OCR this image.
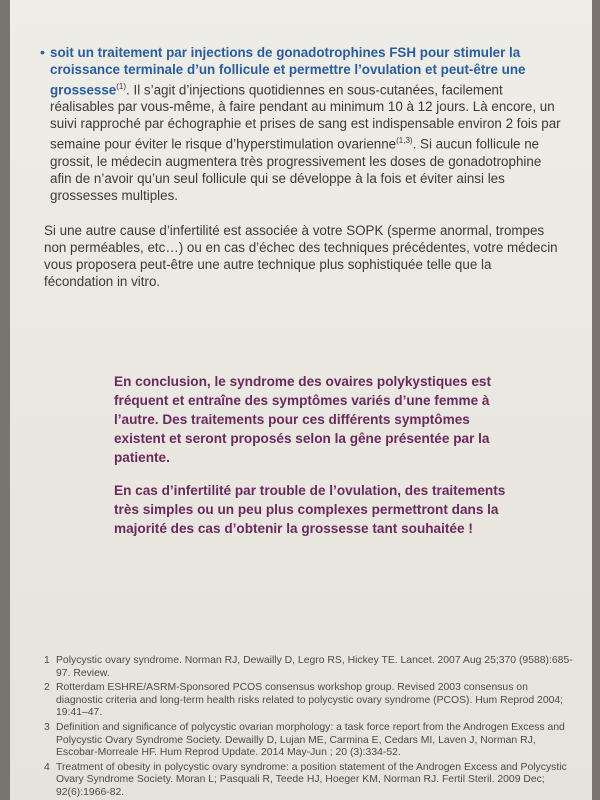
• soit un traitement par injections de gonadotrophines FSH pour stimuler la croissance terminale d’un follicule et permettre l’ovulation et peut-être une grossesse$^{(1)}$. Il s’agit d’injections quotidiennes en sous-cutanées, facilement réalisables par vous-même, à faire pendant au minimum 10 à 12 jours. Là encore, un suivi rapproché par échographie et prises de sang est indispensable environ 2 fois par semaine pour éviter le risque d’hyperstimulation ovarienne$^{(1,3)}$. Si aucun follicule ne grossit, le médecin augmentera très progressivement les doses de gonadotrophine afin de n’avoir qu’un seul follicule qui se développe à la fois et éviter ainsi les grossesses multiples.
Si une autre cause d’infertilité est associée à votre SOPK (sperme anormal, trompes non perméables, etc…) ou en cas d’échec des techniques précédentes, votre médecin vous proposera peut-être une autre technique plus sophistiquée telle que la fécondation in vitro.

En conclusion, le syndrome des ovaires polykystiques est fréquent et entraîne des symptômes variés d’une femme à l’autre. Des traitements pour ces différents symptômes existent et seront proposés selon la gêne présentée par la patiente.

En cas d’infertilité par trouble de l’ovulation, des traitements très simples ou un peu plus complexes permettront dans la majorité des cas d’obtenir la grossesse tant souhaitée !

1 Polycystic ovary syndrome. Norman RJ, Dewailly D, Legro RS, Hickey TE. Lancet. 2007 Aug 25;370 (9588):685-97. Review.
2 Rotterdam ESHRE/ASRM-Sponsored PCOS consensus workshop group. Revised 2003 consensus on diagnostic criteria and long-term health risks related to polycystic ovary syndrome (PCOS). Hum Reprod 2004; 19:41–47.
3 Definition and significance of polycystic ovarian morphology: a task force report from the Androgen Excess and Polycystic Ovary Syndrome Society. Dewailly D, Lujan ME, Carmina E, Cedars MI, Laven J, Norman RJ, Escobar-Morreale HF. Hum Reprod Update. 2014 May-Jun ; 20 (3):334-52.
4 Treatment of obesity in polycystic ovary syndrome: a position statement of the Androgen Excess and Polycystic Ovary Syndrome Society. Moran L; Pasquali R, Teede HJ, Hoeger KM, Norman RJ. Fertil Steril. 2009 Dec; 92(6):1966-82.
